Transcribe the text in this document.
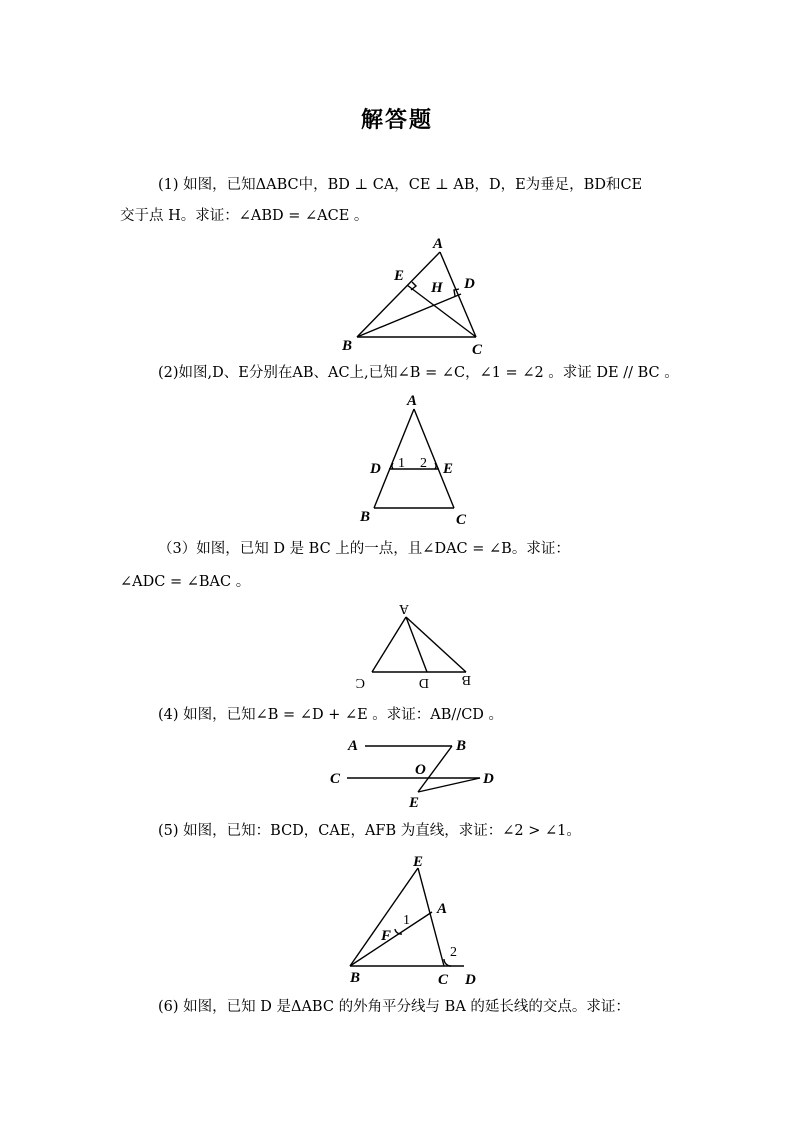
解答题
(1) 如图，已知ΔABC中，BD ⊥ CA，CE ⊥ AB，D，E为垂足，BD和CE
交于点 H。求证：∠ABD = ∠ACE 。
A
E
H D
B	C
(2)如图,D、E分别在AB、AC上,已知∠B = ∠C，∠1 = ∠2 。求证 DE // BC 。
A
D 1 2 E
B	C
（3）如图，已知 D 是 BC 上的一点，且∠DAC = ∠B。求证：
∠ADC = ∠BAC 。
A
C	D B
(4) 如图，已知∠B = ∠D + ∠E 。求证：AB//CD 。
A	B
C
O
D
E
(5) 如图，已知：BCD，CAE，AFB 为直线，求证：∠2 > ∠1。
E
A
1
F
2
B	C D
(6) 如图，已知 D 是ΔABC 的外角平分线与 BA 的延长线的交点。求证：
